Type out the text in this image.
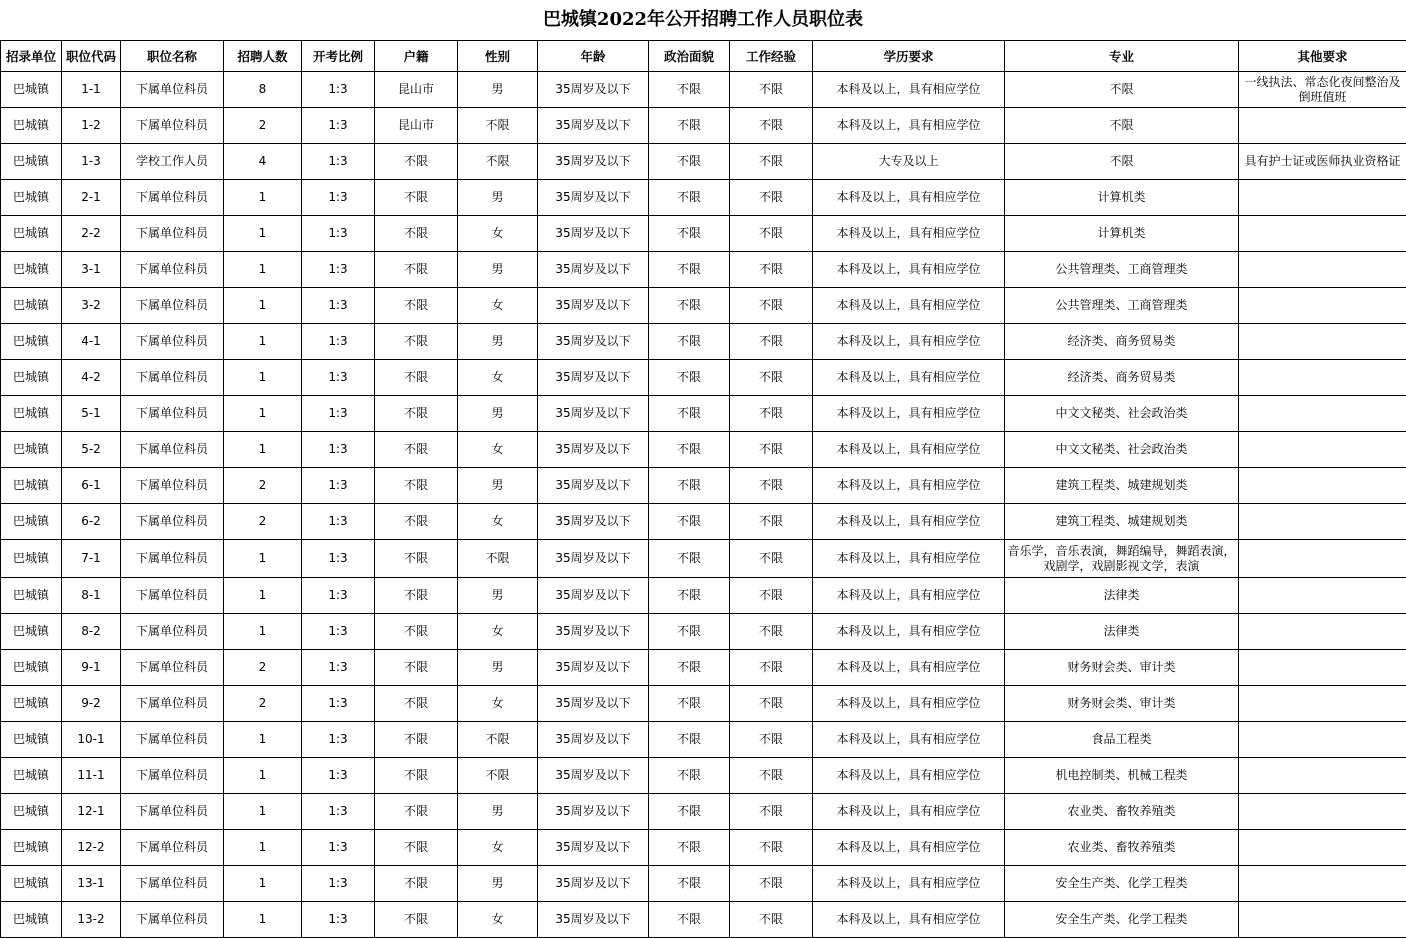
巴城镇2022年公开招聘工作人员职位表
招录单位	职位代码	职位名称	招聘人数	开考比例	户籍	性别	年龄	政治面貌	工作经验	学历要求	专业	其他要求
巴城镇	1-1	下属单位科员	8	1:3	昆山市	男	35周岁及以下	不限	不限	本科及以上，具有相应学位	不限	一线执法、常态化夜间整治及倒班值班
巴城镇	1-2	下属单位科员	2	1:3	昆山市	不限	35周岁及以下	不限	不限	本科及以上，具有相应学位	不限	
巴城镇	1-3	学校工作人员	4	1:3	不限	不限	35周岁及以下	不限	不限	大专及以上	不限	具有护士证或医师执业资格证
巴城镇	2-1	下属单位科员	1	1:3	不限	男	35周岁及以下	不限	不限	本科及以上，具有相应学位	计算机类	
巴城镇	2-2	下属单位科员	1	1:3	不限	女	35周岁及以下	不限	不限	本科及以上，具有相应学位	计算机类	
巴城镇	3-1	下属单位科员	1	1:3	不限	男	35周岁及以下	不限	不限	本科及以上，具有相应学位	公共管理类、工商管理类	
巴城镇	3-2	下属单位科员	1	1:3	不限	女	35周岁及以下	不限	不限	本科及以上，具有相应学位	公共管理类、工商管理类	
巴城镇	4-1	下属单位科员	1	1:3	不限	男	35周岁及以下	不限	不限	本科及以上，具有相应学位	经济类、商务贸易类	
巴城镇	4-2	下属单位科员	1	1:3	不限	女	35周岁及以下	不限	不限	本科及以上，具有相应学位	经济类、商务贸易类	
巴城镇	5-1	下属单位科员	1	1:3	不限	男	35周岁及以下	不限	不限	本科及以上，具有相应学位	中文文秘类、社会政治类	
巴城镇	5-2	下属单位科员	1	1:3	不限	女	35周岁及以下	不限	不限	本科及以上，具有相应学位	中文文秘类、社会政治类	
巴城镇	6-1	下属单位科员	2	1:3	不限	男	35周岁及以下	不限	不限	本科及以上，具有相应学位	建筑工程类、城建规划类	
巴城镇	6-2	下属单位科员	2	1:3	不限	女	35周岁及以下	不限	不限	本科及以上，具有相应学位	建筑工程类、城建规划类	
巴城镇	7-1	下属单位科员	1	1:3	不限	不限	35周岁及以下	不限	不限	本科及以上，具有相应学位	音乐学，音乐表演，舞蹈编导，舞蹈表演，戏剧学，戏剧影视文学，表演	
巴城镇	8-1	下属单位科员	1	1:3	不限	男	35周岁及以下	不限	不限	本科及以上，具有相应学位	法律类	
巴城镇	8-2	下属单位科员	1	1:3	不限	女	35周岁及以下	不限	不限	本科及以上，具有相应学位	法律类	
巴城镇	9-1	下属单位科员	2	1:3	不限	男	35周岁及以下	不限	不限	本科及以上，具有相应学位	财务财会类、审计类	
巴城镇	9-2	下属单位科员	2	1:3	不限	女	35周岁及以下	不限	不限	本科及以上，具有相应学位	财务财会类、审计类	
巴城镇	10-1	下属单位科员	1	1:3	不限	不限	35周岁及以下	不限	不限	本科及以上，具有相应学位	食品工程类	
巴城镇	11-1	下属单位科员	1	1:3	不限	不限	35周岁及以下	不限	不限	本科及以上，具有相应学位	机电控制类、机械工程类	
巴城镇	12-1	下属单位科员	1	1:3	不限	男	35周岁及以下	不限	不限	本科及以上，具有相应学位	农业类、畜牧养殖类	
巴城镇	12-2	下属单位科员	1	1:3	不限	女	35周岁及以下	不限	不限	本科及以上，具有相应学位	农业类、畜牧养殖类	
巴城镇	13-1	下属单位科员	1	1:3	不限	男	35周岁及以下	不限	不限	本科及以上，具有相应学位	安全生产类、化学工程类	
巴城镇	13-2	下属单位科员	1	1:3	不限	女	35周岁及以下	不限	不限	本科及以上，具有相应学位	安全生产类、化学工程类	
